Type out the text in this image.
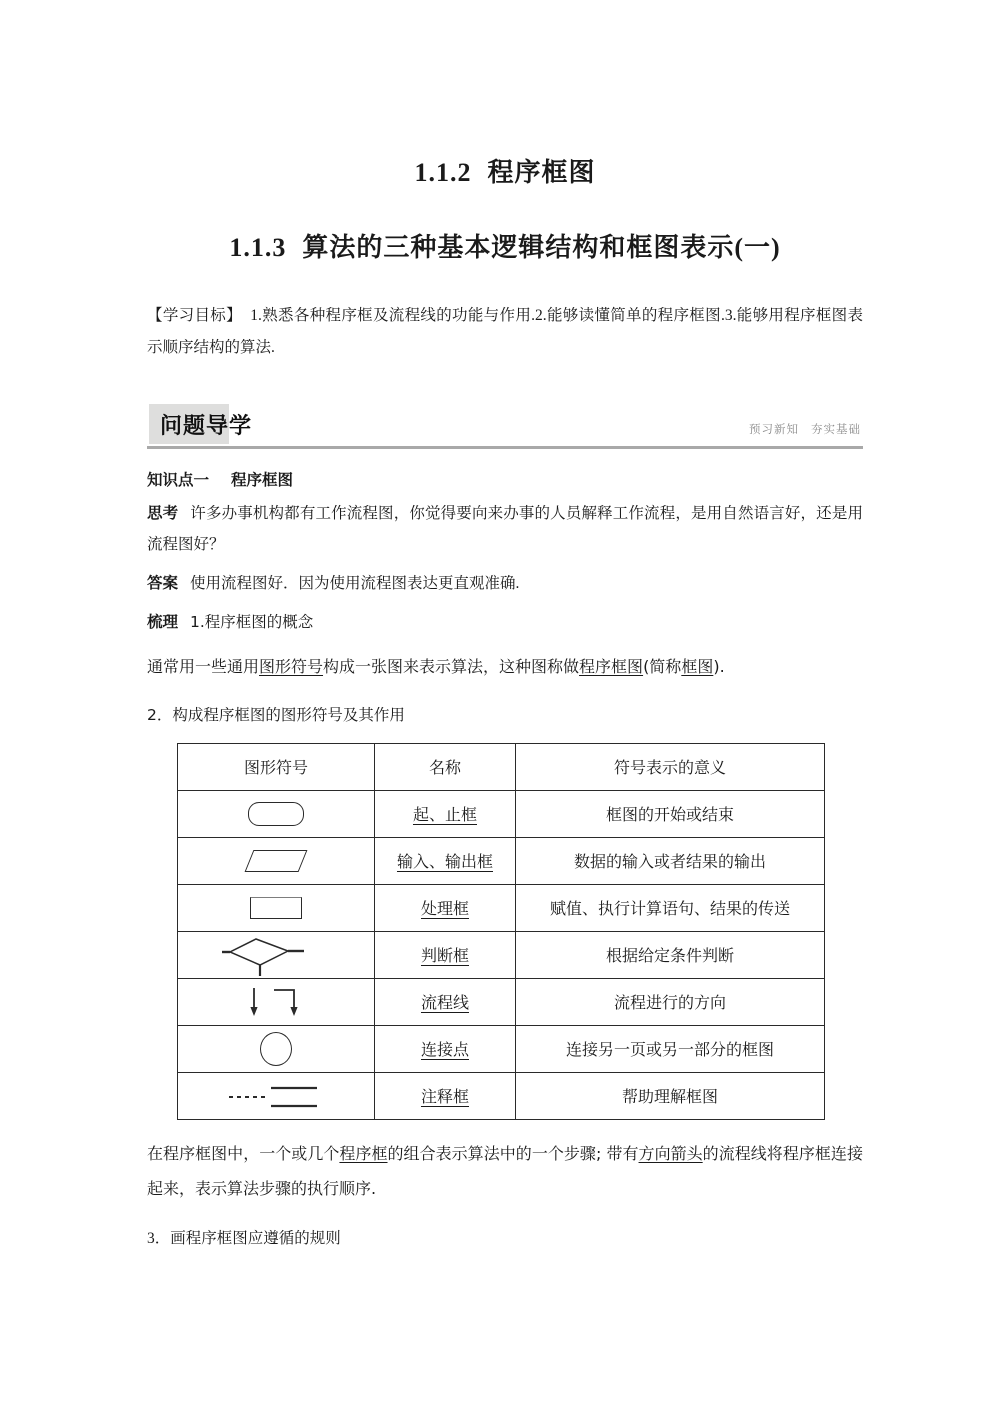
1.1.2 程序框图
1.1.3 算法的三种基本逻辑结构和框图表示(一)
【学习目标】 1.熟悉各种程序框及流程线的功能与作用.2.能够读懂简单的程序框图.3.能够用程序框图表示顺序结构的算法.
问题导学	预习新知 夯实基础
知识点一 程序框图
思考 许多办事机构都有工作流程图，你觉得要向来办事的人员解释工作流程，是用自然语言好，还是用流程图好？
答案 使用流程图好．因为使用流程图表达更直观准确.
梳理 1.程序框图的概念
通常用一些通用图形符号构成一张图来表示算法，这种图称做程序框图(简称框图).
2．构成程序框图的图形符号及其作用
图形符号	名称	符号表示的意义

	起、止框	框图的开始或结束

	输入、输出框	数据的输入或者结果的输出

	处理框	赋值、执行计算语句、结果的传送

	判断框	根据给定条件判断

	流程线	流程进行的方向

	连接点	连接另一页或另一部分的框图

	注释框	帮助理解框图
在程序框图中，一个或几个程序框的组合表示算法中的一个步骤; 带有方向箭头的流程线将程序框连接起来，表示算法步骤的执行顺序.
3．画程序框图应遵循的规则
